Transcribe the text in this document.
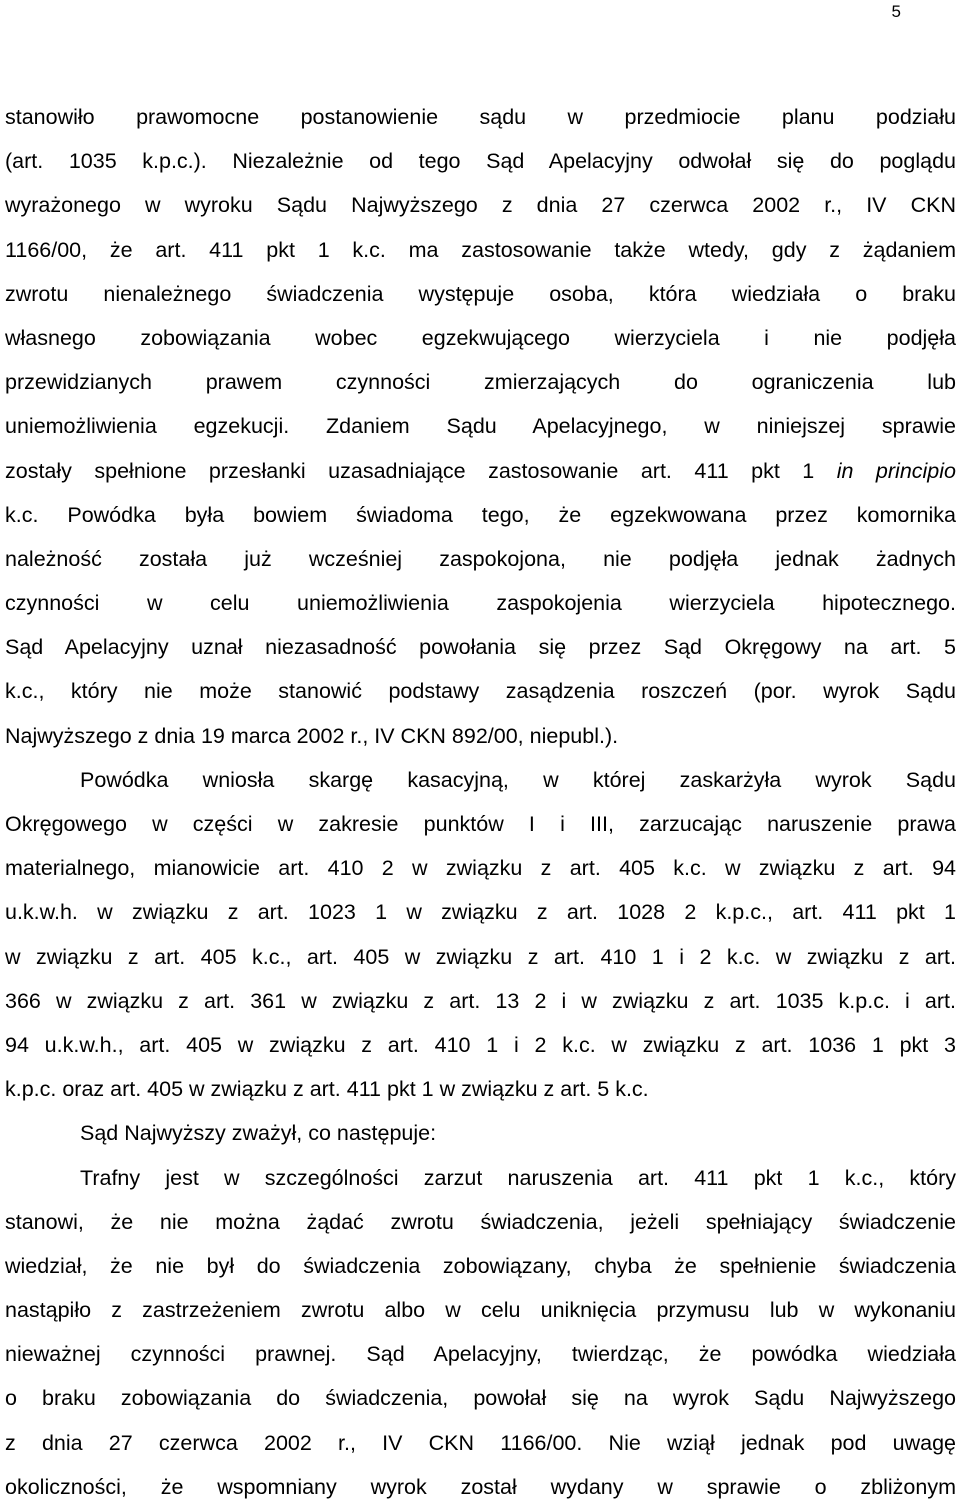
5
stanowiło prawomocne postanowienie sądu w przedmiocie planu podziału
(art. 1035 k.p.c.). Niezależnie od tego Sąd Apelacyjny odwołał się do poglądu
wyrażonego w wyroku Sądu Najwyższego z dnia 27 czerwca 2002 r., IV CKN
1166/00, że art. 411 pkt 1 k.c. ma zastosowanie także wtedy, gdy z żądaniem
zwrotu nienależnego świadczenia występuje osoba, która wiedziała o braku
własnego zobowiązania wobec egzekwującego wierzyciela i nie podjęła
przewidzianych prawem czynności zmierzających do ograniczenia lub
uniemożliwienia egzekucji. Zdaniem Sądu Apelacyjnego, w niniejszej sprawie
zostały spełnione przesłanki uzasadniające zastosowanie art. 411 pkt 1 in principio
k.c. Powódka była bowiem świadoma tego, że egzekwowana przez komornika
należność została już wcześniej zaspokojona, nie podjęła jednak żadnych
czynności w celu uniemożliwienia zaspokojenia wierzyciela hipotecznego.
Sąd Apelacyjny uznał niezasadność powołania się przez Sąd Okręgowy na art. 5
k.c., który nie może stanowić podstawy zasądzenia roszczeń (por. wyrok Sądu
Najwyższego z dnia 19 marca 2002 r., IV CKN 892/00, niepubl.).
Powódka wniosła skargę kasacyjną, w której zaskarżyła wyrok Sądu
Okręgowego w części w zakresie punktów I i III, zarzucając naruszenie prawa
materialnego, mianowicie art. 410 2 w związku z art. 405 k.c. w związku z art. 94
u.k.w.h. w związku z art. 1023 1 w związku z art. 1028 2 k.p.c., art. 411 pkt 1
w związku z art. 405 k.c., art. 405 w związku z art. 410 1 i 2 k.c. w związku z art.
366 w związku z art. 361 w związku z art. 13 2 i w związku z art. 1035 k.p.c. i art.
94 u.k.w.h., art. 405 w związku z art. 410 1 i 2 k.c. w związku z art. 1036 1 pkt 3
k.p.c. oraz art. 405 w związku z art. 411 pkt 1 w związku z art. 5 k.c.
Sąd Najwyższy zważył, co następuje:
Trafny jest w szczególności zarzut naruszenia art. 411 pkt 1 k.c., który
stanowi, że nie można żądać zwrotu świadczenia, jeżeli spełniający świadczenie
wiedział, że nie był do świadczenia zobowiązany, chyba że spełnienie świadczenia
nastąpiło z zastrzeżeniem zwrotu albo w celu uniknięcia przymusu lub w wykonaniu
nieważnej czynności prawnej. Sąd Apelacyjny, twierdząc, że powódka wiedziała
o braku zobowiązania do świadczenia, powołał się na wyrok Sądu Najwyższego
z dnia 27 czerwca 2002 r., IV CKN 1166/00. Nie wziął jednak pod uwagę
okoliczności, że wspomniany wyrok został wydany w sprawie o zbliżonym
